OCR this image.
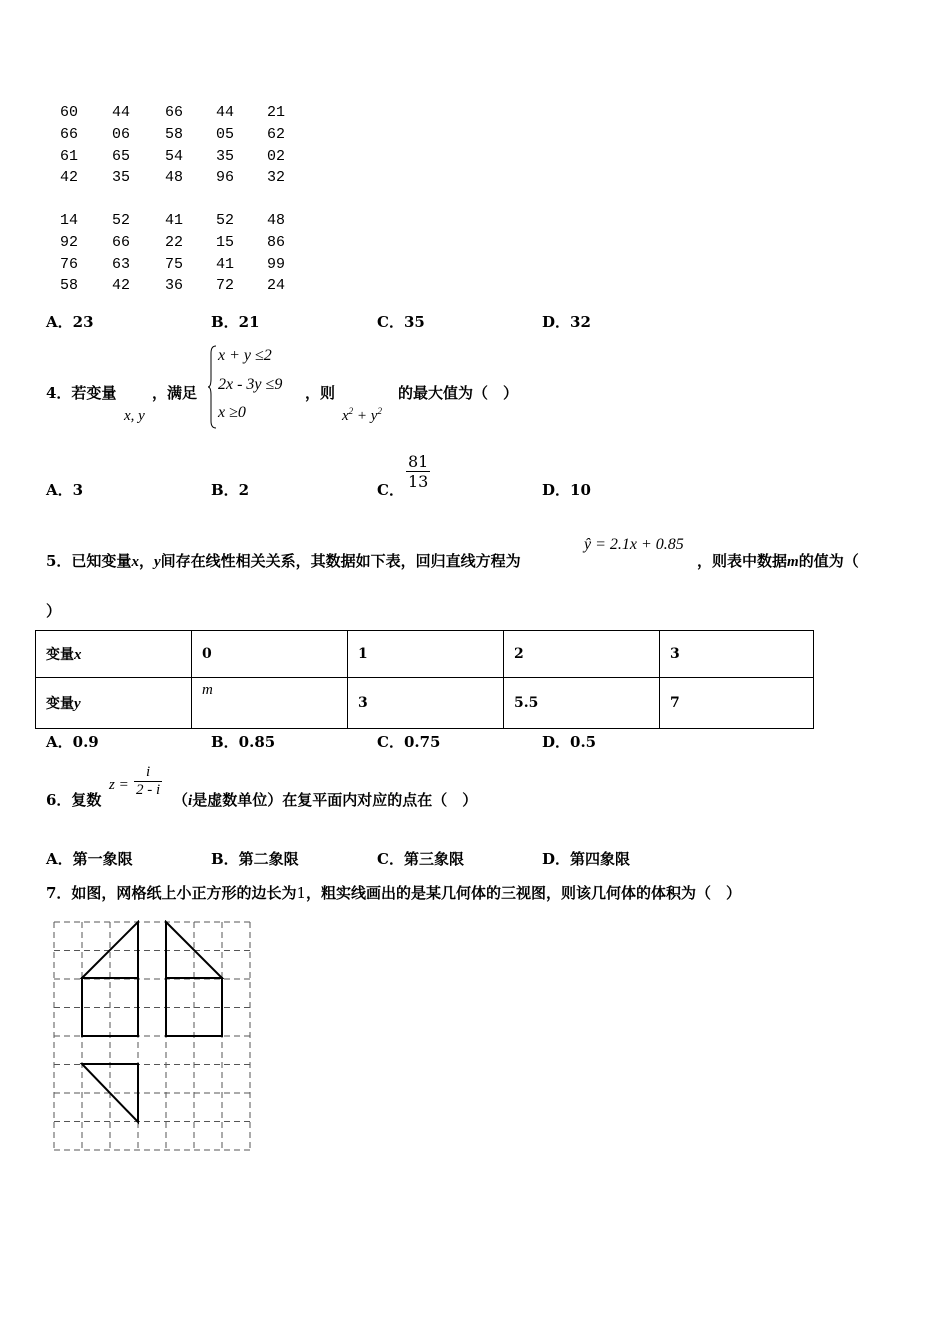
60 44 66 44 21
66 06 58 05 62
61 65 54 35 02
42 35 48 96 32
14 52 41 52 48
92 66 22 15 86
76 63 75 41 99
58 42 36 72 24
A．23	B．21	C．35	D．32
4．若变量
x, y
，满足
x + y ≤2
2x - 3y ≤9
x ≥0
，则
$x^2 + y^2$
的最大值为（　）
A．3	B．2	C． $\frac{81}{13}$	D．10
5．已知变量x，y间存在线性相关关系，其数据如下表，回归直线方程为
ŷ = 2.1x + 0.85
，则表中数据m的值为（
）
变量x	0	1	2	3
变量y	m	3	5.5	7
A．0.9	B．0.85	C．0.75	D．0.5
6．复数
$z = \frac{i}{2 - i}$
（i是虚数单位）在复平面内对应的点在（　）
A．第一象限	B．第二象限	C．第三象限	D．第四象限
7．如图，网格纸上小正方形的边长为1，粗实线画出的是某几何体的三视图，则该几何体的体积为（　）
